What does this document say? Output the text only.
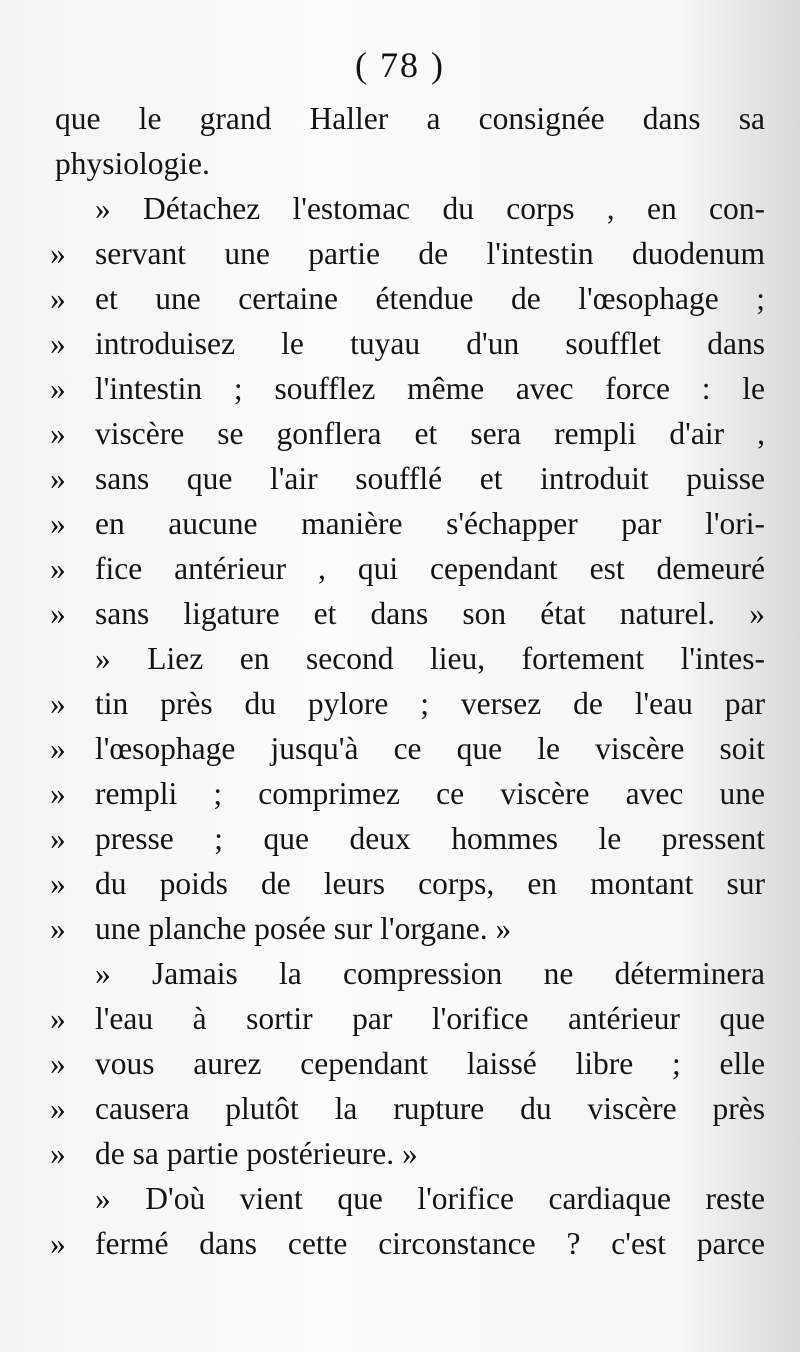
( 78 )
que le grand Haller a consignée dans sa
physiologie.
» Détachez l'estomac du corps , en con-
» servant une partie de l'intestin duodenum
» et une certaine étendue de l'œsophage ;
» introduisez le tuyau d'un soufflet dans
» l'intestin ; soufflez même avec force : le
» viscère se gonflera et sera rempli d'air ,
» sans que l'air soufflé et introduit puisse
» en aucune manière s'échapper par l'ori-
» fice antérieur , qui cependant est demeuré
» sans ligature et dans son état naturel. »
» Liez en second lieu, fortement l'intes-
» tin près du pylore ; versez de l'eau par
» l'œsophage jusqu'à ce que le viscère soit
» rempli ; comprimez ce viscère avec une
» presse ; que deux hommes le pressent
» du poids de leurs corps, en montant sur
» une planche posée sur l'organe. »
» Jamais la compression ne déterminera
» l'eau à sortir par l'orifice antérieur que
» vous aurez cependant laissé libre ; elle
» causera plutôt la rupture du viscère près
» de sa partie postérieure. »
» D'où vient que l'orifice cardiaque reste
» fermé dans cette circonstance ? c'est parce
